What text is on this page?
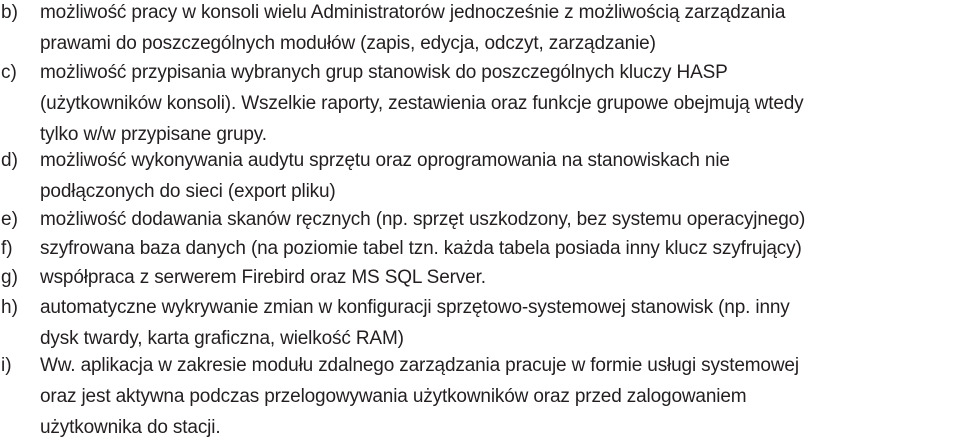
b) możliwość pracy w konsoli wielu Administratorów jednocześnie z możliwością zarządzania
prawami do poszczególnych modułów (zapis, edycja, odczyt, zarządzanie)
c) możliwość przypisania wybranych grup stanowisk do poszczególnych kluczy HASP
(użytkowników konsoli). Wszelkie raporty, zestawienia oraz funkcje grupowe obejmują wtedy
tylko w/w przypisane grupy.
d) możliwość wykonywania audytu sprzętu oraz oprogramowania na stanowiskach nie
podłączonych do sieci (export pliku)
e) możliwość dodawania skanów ręcznych (np. sprzęt uszkodzony, bez systemu operacyjnego)
f) szyfrowana baza danych (na poziomie tabel tzn. każda tabela posiada inny klucz szyfrujący)
g) współpraca z serwerem Firebird oraz MS SQL Server.
h) automatyczne wykrywanie zmian w konfiguracji sprzętowo-systemowej stanowisk (np. inny
dysk twardy, karta graficzna, wielkość RAM)
i) Ww. aplikacja w zakresie modułu zdalnego zarządzania pracuje w formie usługi systemowej
oraz jest aktywna podczas przelogowywania użytkowników oraz przed zalogowaniem
użytkownika do stacji.
